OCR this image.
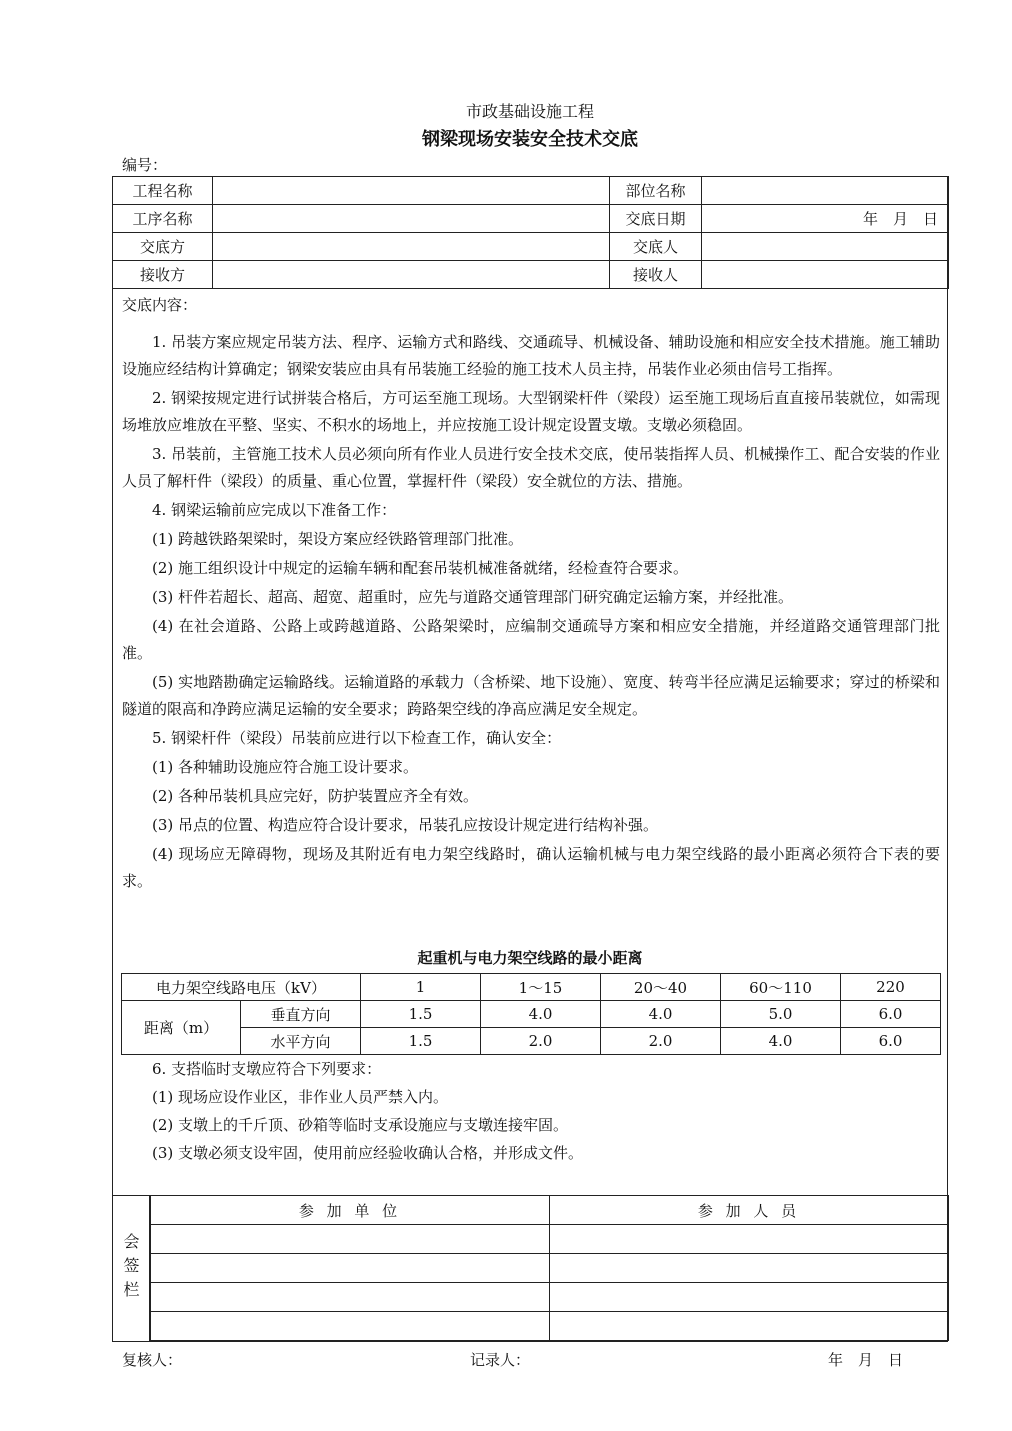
市政基础设施工程
钢梁现场安装安全技术交底
编号：
工程名称		部位名称	
工序名称		交底日期	年　月　日
交底方		交底人	
接收方		接收人	
交底内容：

1. 吊装方案应规定吊装方法、程序、运输方式和路线、交通疏导、机械设备、辅助设施和相应安全技术措施。施工辅助设施应经结构计算确定；钢梁安装应由具有吊装施工经验的施工技术人员主持，吊装作业必须由信号工指挥。

2. 钢梁按规定进行试拼装合格后，方可运至施工现场。大型钢梁杆件（梁段）运至施工现场后直直接吊装就位，如需现场堆放应堆放在平整、坚实、不积水的场地上，并应按施工设计规定设置支墩。支墩必须稳固。

3. 吊装前，主管施工技术人员必须向所有作业人员进行安全技术交底，使吊装指挥人员、机械操作工、配合安装的作业人员了解杆件（梁段）的质量、重心位置，掌握杆件（梁段）安全就位的方法、措施。

4. 钢梁运输前应完成以下准备工作：

(1) 跨越铁路架梁时，架设方案应经铁路管理部门批准。

(2) 施工组织设计中规定的运输车辆和配套吊装机械准备就绪，经检查符合要求。

(3) 杆件若超长、超高、超宽、超重时，应先与道路交通管理部门研究确定运输方案，并经批准。

(4) 在社会道路、公路上或跨越道路、公路架梁时，应编制交通疏导方案和相应安全措施，并经道路交通管理部门批准。

(5) 实地踏勘确定运输路线。运输道路的承载力（含桥梁、地下设施）、宽度、转弯半径应满足运输要求；穿过的桥梁和隧道的限高和净跨应满足运输的安全要求；跨路架空线的净高应满足安全规定。

5. 钢梁杆件（梁段）吊装前应进行以下检查工作，确认安全：

(1) 各种辅助设施应符合施工设计要求。

(2) 各种吊装机具应完好，防护装置应齐全有效。

(3) 吊点的位置、构造应符合设计要求，吊装孔应按设计规定进行结构补强。

(4) 现场应无障碍物，现场及其附近有电力架空线路时，确认运输机械与电力架空线路的最小距离必须符合下表的要求。

起重机与电力架空线路的最小距离
电力架空线路电压（kV）		1	1～15	20～40	60～110	220
距离（m）	垂直方向	1.5	4.0	4.0	5.0	6.0
	水平方向	1.5	2.0	2.0	4.0	6.0

6. 支搭临时支墩应符合下列要求：

(1) 现场应设作业区，非作业人员严禁入内。

(2) 支墩上的千斤顶、砂箱等临时支承设施应与支墩连接牢固。

(3) 支墩必须支设牢固，使用前应经验收确认合格，并形成文件。

会签栏
参 加 单 位	参 加 人 员

复核人：	记录人：	年　月　日
